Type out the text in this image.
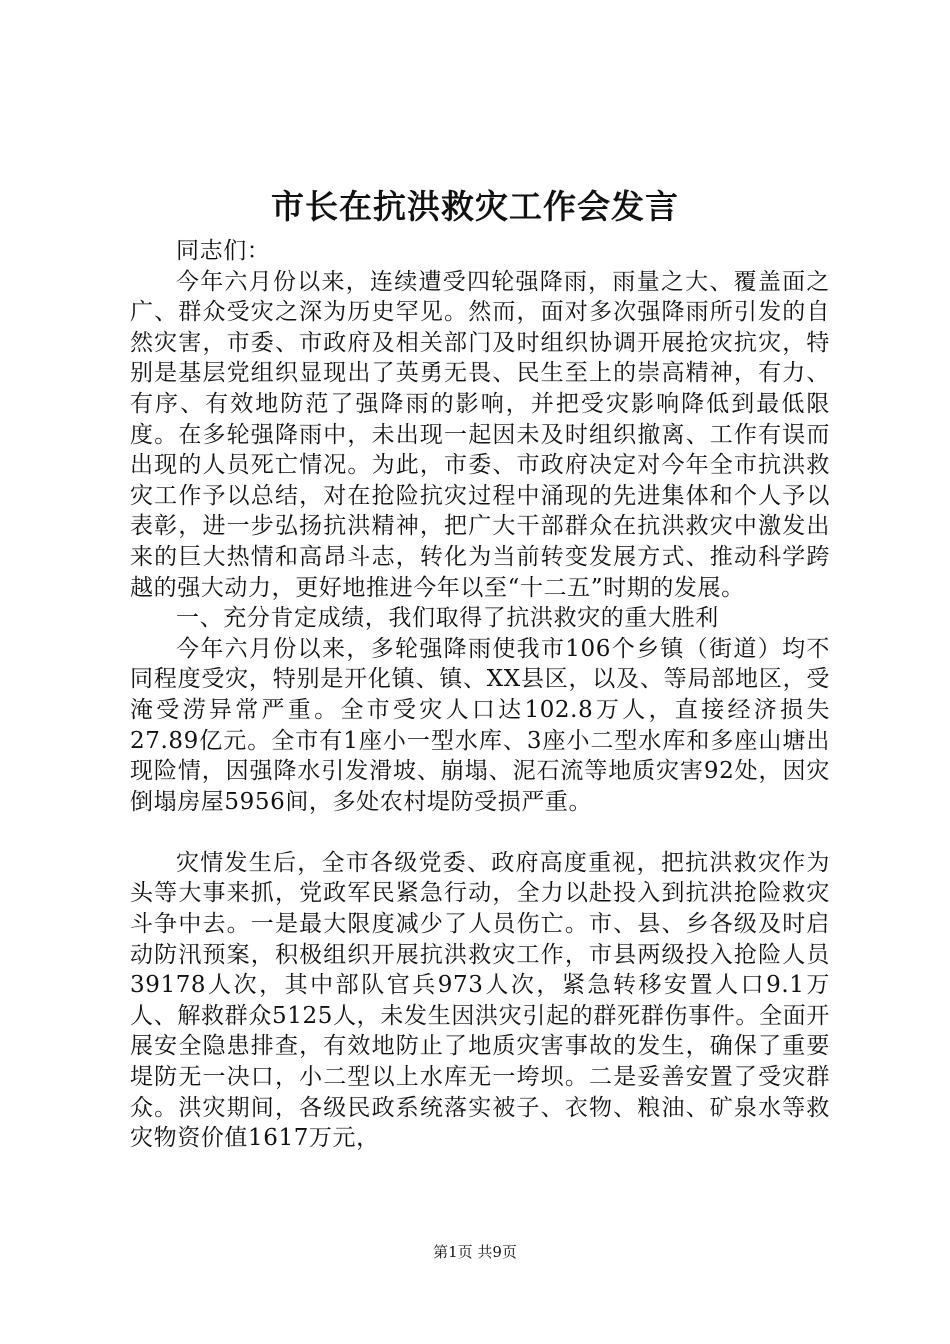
市长在抗洪救灾工作会发言

同志们：

今年六月份以来，连续遭受四轮强降雨，雨量之大、覆盖面之广、群众受灾之深为历史罕见。然而，面对多次强降雨所引发的自然灾害，市委、市政府及相关部门及时组织协调开展抢灾抗灾，特别是基层党组织显现出了英勇无畏、民生至上的崇高精神，有力、有序、有效地防范了强降雨的影响，并把受灾影响降低到最低限度。在多轮强降雨中，未出现一起因未及时组织撤离、工作有误而出现的人员死亡情况。为此，市委、市政府决定对今年全市抗洪救灾工作予以总结，对在抢险抗灾过程中涌现的先进集体和个人予以表彰，进一步弘扬抗洪精神，把广大干部群众在抗洪救灾中激发出来的巨大热情和高昂斗志，转化为当前转变发展方式、推动科学跨越的强大动力，更好地推进今年以至“十二五”时期的发展。

一、充分肯定成绩，我们取得了抗洪救灾的重大胜利

今年六月份以来，多轮强降雨使我市106个乡镇（街道）均不同程度受灾，特别是开化镇、镇、XX县区，以及、等局部地区，受淹受涝异常严重。全市受灾人口达102.8万人，直接经济损失27.89亿元。全市有1座小一型水库、3座小二型水库和多座山塘出现险情，因强降水引发滑坡、崩塌、泥石流等地质灾害92处，因灾倒塌房屋5956间，多处农村堤防受损严重。

灾情发生后，全市各级党委、政府高度重视，把抗洪救灾作为头等大事来抓，党政军民紧急行动，全力以赴投入到抗洪抢险救灾斗争中去。一是最大限度减少了人员伤亡。市、县、乡各级及时启动防汛预案，积极组织开展抗洪救灾工作，市县两级投入抢险人员39178人次，其中部队官兵973人次，紧急转移安置人口9.1万人、解救群众5125人，未发生因洪灾引起的群死群伤事件。全面开展安全隐患排查，有效地防止了地质灾害事故的发生，确保了重要堤防无一决口，小二型以上水库无一垮坝。二是妥善安置了受灾群众。洪灾期间，各级民政系统落实被子、衣物、粮油、矿泉水等救灾物资价值1617万元，

第1页 共9页
